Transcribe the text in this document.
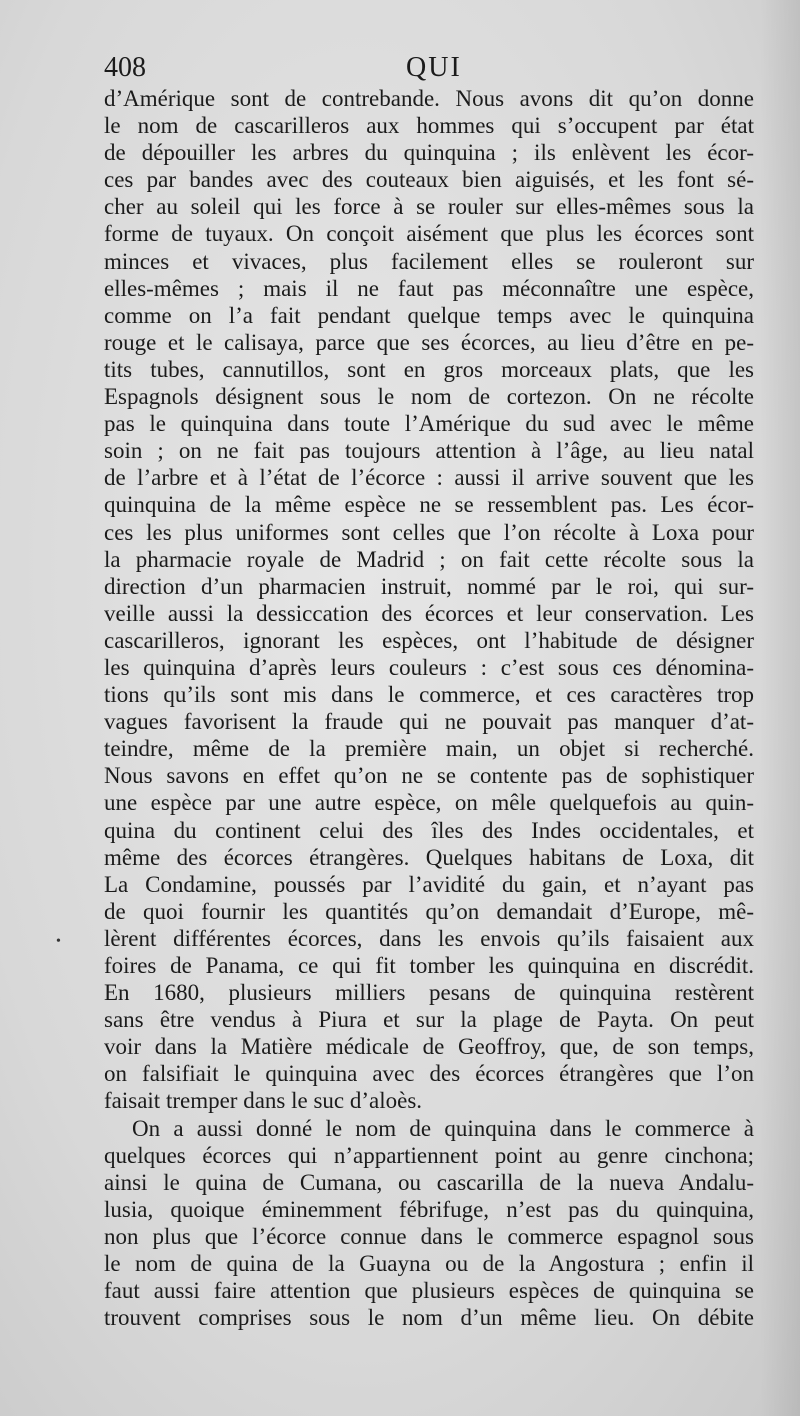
408	QUI
•
d’Amérique sont de contrebande. Nous avons dit qu’on donne
le nom de cascarilleros aux hommes qui s’occupent par état
de dépouiller les arbres du quinquina ; ils enlèvent les écor-
ces par bandes avec des couteaux bien aiguisés, et les font sé-
cher au soleil qui les force à se rouler sur elles-mêmes sous la
forme de tuyaux. On conçoit aisément que plus les écorces sont
minces et vivaces, plus facilement elles se rouleront sur
elles-mêmes ; mais il ne faut pas méconnaître une espèce,
comme on l’a fait pendant quelque temps avec le quinquina
rouge et le calisaya, parce que ses écorces, au lieu d’être en pe-
tits tubes, cannutillos, sont en gros morceaux plats, que les
Espagnols désignent sous le nom de cortezon. On ne récolte
pas le quinquina dans toute l’Amérique du sud avec le même
soin ; on ne fait pas toujours attention à l’âge, au lieu natal
de l’arbre et à l’état de l’écorce : aussi il arrive souvent que les
quinquina de la même espèce ne se ressemblent pas. Les écor-
ces les plus uniformes sont celles que l’on récolte à Loxa pour
la pharmacie royale de Madrid ; on fait cette récolte sous la
direction d’un pharmacien instruit, nommé par le roi, qui sur-
veille aussi la dessiccation des écorces et leur conservation. Les
cascarilleros, ignorant les espèces, ont l’habitude de désigner
les quinquina d’après leurs couleurs : c’est sous ces dénomina-
tions qu’ils sont mis dans le commerce, et ces caractères trop
vagues favorisent la fraude qui ne pouvait pas manquer d’at-
teindre, même de la première main, un objet si recherché.
Nous savons en effet qu’on ne se contente pas de sophistiquer
une espèce par une autre espèce, on mêle quelquefois au quin-
quina du continent celui des îles des Indes occidentales, et
même des écorces étrangères. Quelques habitans de Loxa, dit
La Condamine, poussés par l’avidité du gain, et n’ayant pas
de quoi fournir les quantités qu’on demandait d’Europe, mê-
lèrent différentes écorces, dans les envois qu’ils faisaient aux
foires de Panama, ce qui fit tomber les quinquina en discrédit.
En 1680, plusieurs milliers pesans de quinquina restèrent
sans être vendus à Piura et sur la plage de Payta. On peut
voir dans la Matière médicale de Geoffroy, que, de son temps,
on falsifiait le quinquina avec des écorces étrangères que l’on
faisait tremper dans le suc d’aloès.
On a aussi donné le nom de quinquina dans le commerce à
quelques écorces qui n’appartiennent point au genre cinchona;
ainsi le quina de Cumana, ou cascarilla de la nueva Andalu-
lusia, quoique éminemment fébrifuge, n’est pas du quinquina,
non plus que l’écorce connue dans le commerce espagnol sous
le nom de quina de la Guayna ou de la Angostura ; enfin il
faut aussi faire attention que plusieurs espèces de quinquina se
trouvent comprises sous le nom d’un même lieu. On débite
